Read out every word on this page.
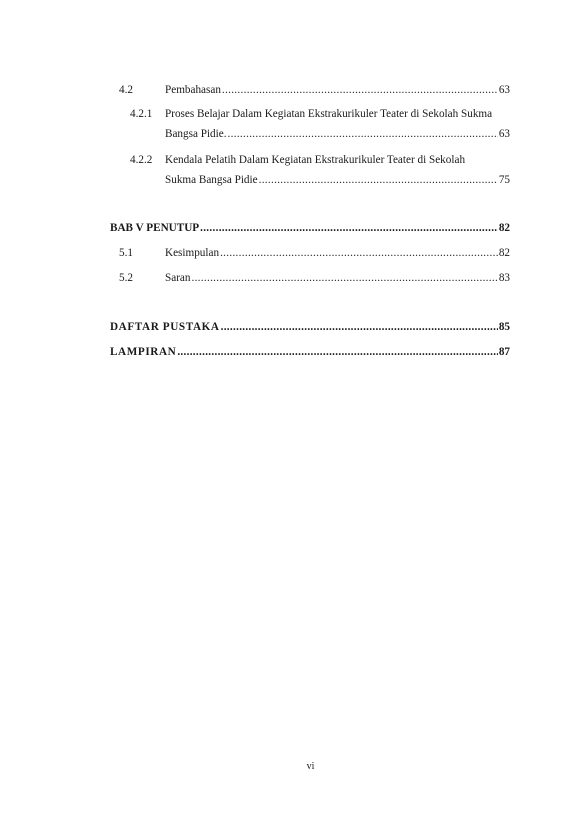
4.2	Pembahasan .....	63
4.2.1	Proses Belajar Dalam Kegiatan Ekstrakurikuler Teater di Sekolah Sukma
Bangsa Pidie. .....	63
4.2.2	Kendala Pelatih Dalam Kegiatan Ekstrakurikuler Teater di Sekolah
Sukma Bangsa Pidie .....	75
BAB V PENUTUP .....	82
5.1	Kesimpulan .....	82
5.2	Saran .....	83
DAFTAR PUSTAKA .....	85
LAMPIRAN .....	87
vi
